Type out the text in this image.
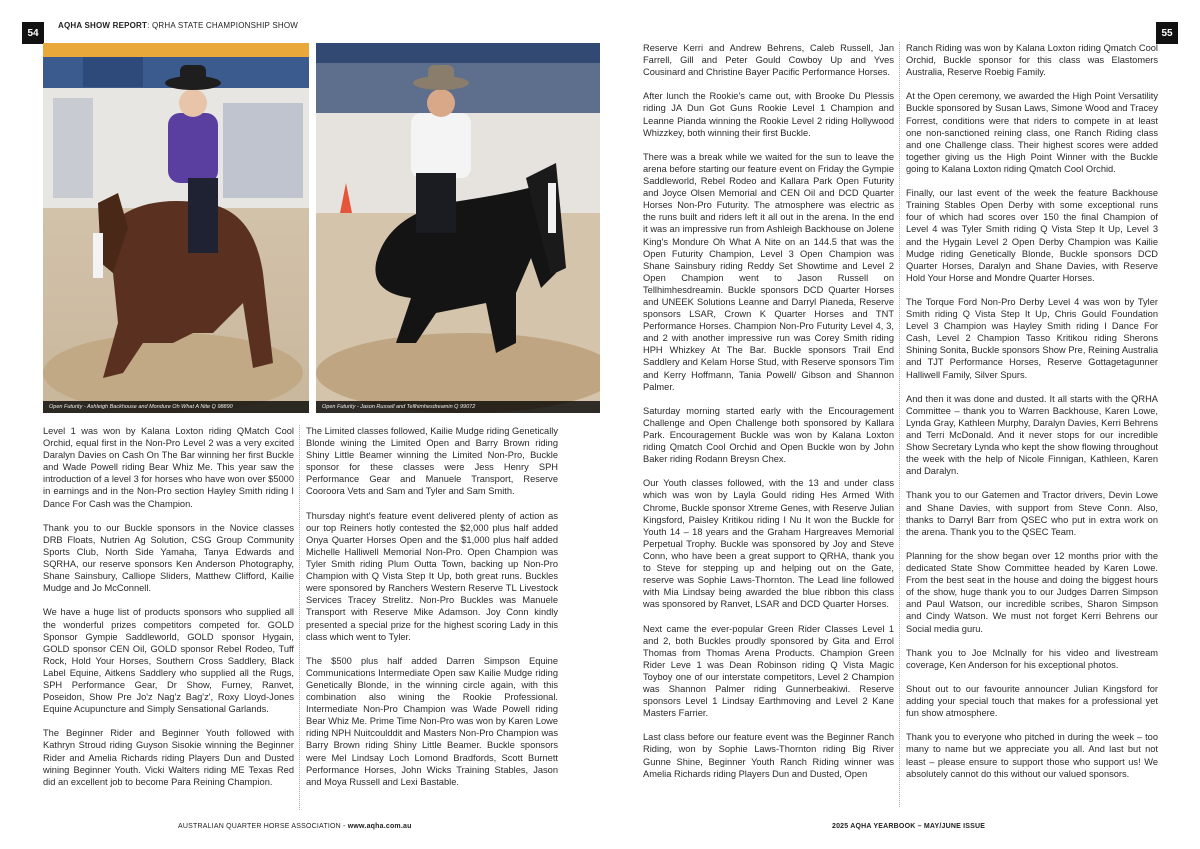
54	55
AQHA SHOW REPORT: QRHA STATE CHAMPIONSHIP SHOW
Open Futurity - Ashleigh Backhouse and Mondure Oh What A Nite Q 98890	Open Futurity - Jason Russell and Tellhimhesdreamin Q 99072

Level 1 was won by Kalana Loxton riding QMatch Cool Orchid, equal first in the Non-Pro Level 2 was a very excited Daralyn Davies on Cash On The Bar winning her first Buckle and Wade Powell riding Bear Whiz Me. This year saw the introduction of a level 3 for horses who have won over $5000 in earnings and in the Non-Pro section Hayley Smith riding I Dance For Cash was the Champion.

Thank you to our Buckle sponsors in the Novice classes DRB Floats, Nutrien Ag Solution, CSG Group Community Sports Club, North Side Yamaha, Tanya Edwards and SQRHA, our reserve sponsors Ken Anderson Photography, Shane Sainsbury, Calliope Sliders, Matthew Clifford, Kailie Mudge and Jo McConnell.

We have a huge list of products sponsors who supplied all the wonderful prizes competitors competed for. GOLD Sponsor Gympie Saddleworld, GOLD sponsor Hygain, GOLD sponsor CEN Oil, GOLD sponsor Rebel Rodeo, Tuff Rock, Hold Your Horses, Southern Cross Saddlery, Black Label Equine, Aitkens Saddlery who supplied all the Rugs, SPH Performance Gear, Dr Show, Furney, Ranvet, Poseidon, Show Pre Jo'z Nag'z Bag'z', Roxy Lloyd-Jones Equine Acupuncture and Simply Sensational Garlands.

The Beginner Rider and Beginner Youth followed with Kathryn Stroud riding Guyson Sisokie winning the Beginner Rider and Amelia Richards riding Players Dun and Dusted wining Beginner Youth. Vicki Walters riding ME Texas Red did an excellent job to become Para Reining Champion.

The Limited classes followed, Kailie Mudge riding Genetically Blonde wining the Limited Open and Barry Brown riding Shiny Little Beamer winning the Limited Non-Pro, Buckle sponsor for these classes were Jess Henry SPH Performance Gear and Manuele Transport, Reserve Cooroora Vets and Sam and Tyler and Sam Smith.

Thursday night's feature event delivered plenty of action as our top Reiners hotly contested the $2,000 plus half added Onya Quarter Horses Open and the $1,000 plus half added Michelle Halliwell Memorial Non-Pro. Open Champion was Tyler Smith riding Plum Outta Town, backing up Non-Pro Champion with Q Vista Step It Up, both great runs. Buckles were sponsored by Ranchers Western Reserve TL Livestock Services Tracey Strelitz. Non-Pro Buckles was Manuele Transport with Reserve Mike Adamson. Joy Conn kindly presented a special prize for the highest scoring Lady in this class which went to Tyler.

The $500 plus half added Darren Simpson Equine Communications Intermediate Open saw Kailie Mudge riding Genetically Blonde, in the winning circle again, with this combination also wining the Rookie Professional. Intermediate Non-Pro Champion was Wade Powell riding Bear Whiz Me. Prime Time Non-Pro was won by Karen Lowe riding NPH Nuitcoulddit and Masters Non-Pro Champion was Barry Brown riding Shiny Little Beamer. Buckle sponsors were Mel Lindsay Loch Lomond Bradfords, Scott Burnett Performance Horses, John Wicks Training Stables, Jason and Moya Russell and Lexi Bastable.

Reserve Kerri and Andrew Behrens, Caleb Russell, Jan Farrell, Gill and Peter Gould Cowboy Up and Yves Cousinard and Christine Bayer Pacific Performance Horses.

After lunch the Rookie's came out, with Brooke Du Plessis riding JA Dun Got Guns Rookie Level 1 Champion and Leanne Pianda winning the Rookie Level 2 riding Hollywood Whizzkey, both winning their first Buckle.

There was a break while we waited for the sun to leave the arena before starting our feature event on Friday the Gympie Saddleworld, Rebel Rodeo and Kallara Park Open Futurity and Joyce Olsen Memorial and CEN Oil and DCD Quarter Horses Non-Pro Futurity. The atmosphere was electric as the runs built and riders left it all out in the arena. In the end it was an impressive run from Ashleigh Backhouse on Jolene King's Mondure Oh What A Nite on an 144.5 that was the Open Futurity Champion, Level 3 Open Champion was Shane Sainsbury riding Reddy Set Showtime and Level 2 Open Champion went to Jason Russell on Tellhimhesdreamin. Buckle sponsors DCD Quarter Horses and UNEEK Solutions Leanne and Darryl Pianeda, Reserve sponsors LSAR, Crown K Quarter Horses and TNT Performance Horses. Champion Non-Pro Futurity Level 4, 3, and 2 with another impressive run was Corey Smith riding HPH Whizkey At The Bar. Buckle sponsors Trail End Saddlery and Kelam Horse Stud, with Reserve sponsors Tim and Kerry Hoffmann, Tania Powell/ Gibson and Shannon Palmer.

Saturday morning started early with the Encouragement Challenge and Open Challenge both sponsored by Kallara Park. Encouragement Buckle was won by Kalana Loxton riding Qmatch Cool Orchid and Open Buckle won by John Baker riding Rodann Breysn Chex.

Our Youth classes followed, with the 13 and under class which was won by Layla Gould riding Hes Armed With Chrome, Buckle sponsor Xtreme Genes, with Reserve Julian Kingsford, Paisley Kritikou riding I Nu It won the Buckle for Youth 14 – 18 years and the Graham Hargreaves Memorial Perpetual Trophy. Buckle was sponsored by Joy and Steve Conn, who have been a great support to QRHA, thank you to Steve for stepping up and helping out on the Gate, reserve was Sophie Laws-Thornton. The Lead line followed with Mia Lindsay being awarded the blue ribbon this class was sponsored by Ranvet, LSAR and DCD Quarter Horses.

Next came the ever-popular Green Rider Classes Level 1 and 2, both Buckles proudly sponsored by Gita and Errol Thomas from Thomas Arena Products. Champion Green Rider Leve 1 was Dean Robinson riding Q Vista Magic Toyboy one of our interstate competitors, Level 2 Champion was Shannon Palmer riding Gunnerbeakiwi. Reserve sponsors Level 1 Lindsay Earthmoving and Level 2 Kane Masters Farrier.

Last class before our feature event was the Beginner Ranch Riding, won by Sophie Laws-Thornton riding Big River Gunne Shine, Beginner Youth Ranch Riding winner was Amelia Richards riding Players Dun and Dusted, Open

Ranch Riding was won by Kalana Loxton riding Qmatch Cool Orchid, Buckle sponsor for this class was Elastomers Australia, Reserve Roebig Family.

At the Open ceremony, we awarded the High Point Versatility Buckle sponsored by Susan Laws, Simone Wood and Tracey Forrest, conditions were that riders to compete in at least one non-sanctioned reining class, one Ranch Riding class and one Challenge class. Their highest scores were added together giving us the High Point Winner with the Buckle going to Kalana Loxton riding Qmatch Cool Orchid.

Finally, our last event of the week the feature Backhouse Training Stables Open Derby with some exceptional runs four of which had scores over 150 the final Champion of Level 4 was Tyler Smith riding Q Vista Step It Up, Level 3 and the Hygain Level 2 Open Derby Champion was Kailie Mudge riding Genetically Blonde, Buckle sponsors DCD Quarter Horses, Daralyn and Shane Davies, with Reserve Hold Your Horse and Mondre Quarter Horses.

The Torque Ford Non-Pro Derby Level 4 was won by Tyler Smith riding Q Vista Step It Up, Chris Gould Foundation Level 3 Champion was Hayley Smith riding I Dance For Cash, Level 2 Champion Tasso Kritikou riding Sherons Shining Sonita, Buckle sponsors Show Pre, Reining Australia and TJT Performance Horses, Reserve Gottagetagunner Halliwell Family, Silver Spurs.

And then it was done and dusted. It all starts with the QRHA Committee – thank you to Warren Backhouse, Karen Lowe, Lynda Gray, Kathleen Murphy, Daralyn Davies, Kerri Behrens and Terri McDonald. And it never stops for our incredible Show Secretary Lynda who kept the show flowing throughout the week with the help of Nicole Finnigan, Kathleen, Karen and Daralyn.

Thank you to our Gatemen and Tractor drivers, Devin Lowe and Shane Davies, with support from Steve Conn. Also, thanks to Darryl Barr from QSEC who put in extra work on the arena. Thank you to the QSEC Team.

Planning for the show began over 12 months prior with the dedicated State Show Committee headed by Karen Lowe. From the best seat in the house and doing the biggest hours of the show, huge thank you to our Judges Darren Simpson and Paul Watson, our incredible scribes, Sharon Simpson and Cindy Watson. We must not forget Kerri Behrens our Social media guru.

Thank you to Joe McInally for his video and livestream coverage, Ken Anderson for his exceptional photos.

Shout out to our favourite announcer Julian Kingsford for adding your special touch that makes for a professional yet fun show atmosphere.

Thank you to everyone who pitched in during the week – too many to name but we appreciate you all. And last but not least – please ensure to support those who support us! We absolutely cannot do this without our valued sponsors.

AUSTRALIAN QUARTER HORSE ASSOCIATION - www.aqha.com.au	2025 AQHA YEARBOOK – MAY/JUNE ISSUE
